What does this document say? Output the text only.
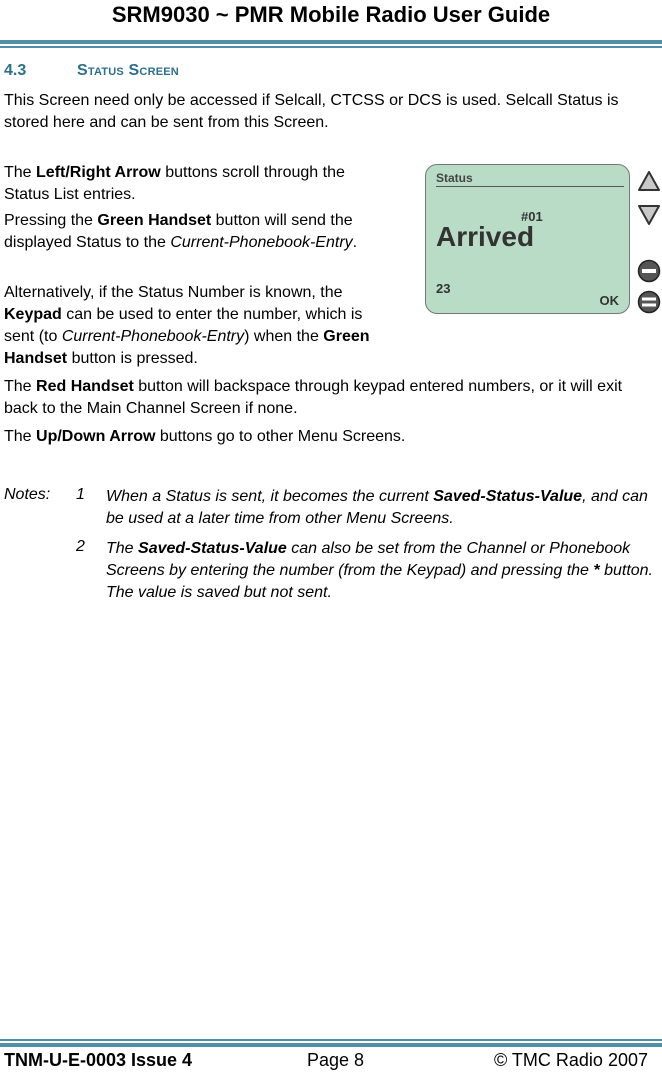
SRM9030 ~ PMR Mobile Radio User Guide
4.3	Status Screen

This Screen need only be accessed if Selcall, CTCSS or DCS is used. Selcall Status is stored here and can be sent from this Screen.

The Left/Right Arrow buttons scroll through the Status List entries.

Pressing the Green Handset button will send the displayed Status to the Current-Phonebook-Entry.

Alternatively, if the Status Number is known, the Keypad can be used to enter the number, which is sent (to Current-Phonebook-Entry) when the Green Handset button is pressed.

The Red Handset button will backspace through keypad entered numbers, or it will exit back to the Main Channel Screen if none.

The Up/Down Arrow buttons go to other Menu Screens.

Notes: 1 When a Status is sent, it becomes the current Saved-Status-Value, and can be used at a later time from other Menu Screens.

2 The Saved-Status-Value can also be set from the Channel or Phonebook Screens by entering the number (from the Keypad) and pressing the * button. The value is saved but not sent.

Status
#01
Arrived
23
OK
TNM-U-E-0003 Issue 4	Page 8	© TMC Radio 2007
